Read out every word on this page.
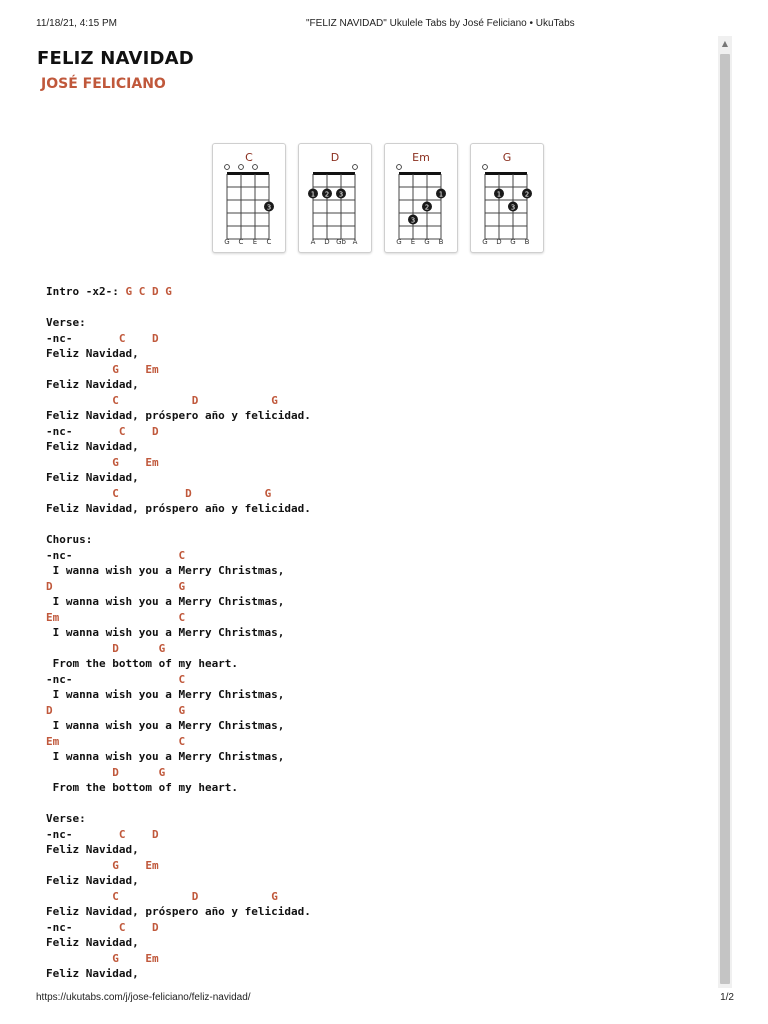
11/18/21, 4:15 PM	"FELIZ NAVIDAD" Ukulele Tabs by José Feliciano • UkuTabs
▲
FELIZ NAVIDAD
JOSÉ FELICIANO
C
3
G C E C
D
1 2 3
A D Gb A
Em
1
2
3
G E G B
G
1	2
3
G D G B
Intro -x2-: G C D G
Verse:
-nc-       C D
Feliz Navidad,
G Em
Feliz Navidad,
C	D	G
Feliz Navidad, próspero año y felicidad.
-nc-       C D
Feliz Navidad,
G Em
Feliz Navidad,
C	D	G
Feliz Navidad, próspero año y felicidad.
Chorus:
-nc-                C
I wanna wish you a Merry Christmas,
D	G
I wanna wish you a Merry Christmas,
Em	C
I wanna wish you a Merry Christmas,
D	G
From the bottom of my heart.
-nc-                C
I wanna wish you a Merry Christmas,
D	G
I wanna wish you a Merry Christmas,
Em	C
I wanna wish you a Merry Christmas,
D	G
From the bottom of my heart.
Verse:
-nc-       C D
Feliz Navidad,
G Em
Feliz Navidad,
C	D	G
Feliz Navidad, próspero año y felicidad.
-nc-       C D
Feliz Navidad,
G Em
Feliz Navidad,
https://ukutabs.com/j/jose-feliciano/feliz-navidad/	1/2
